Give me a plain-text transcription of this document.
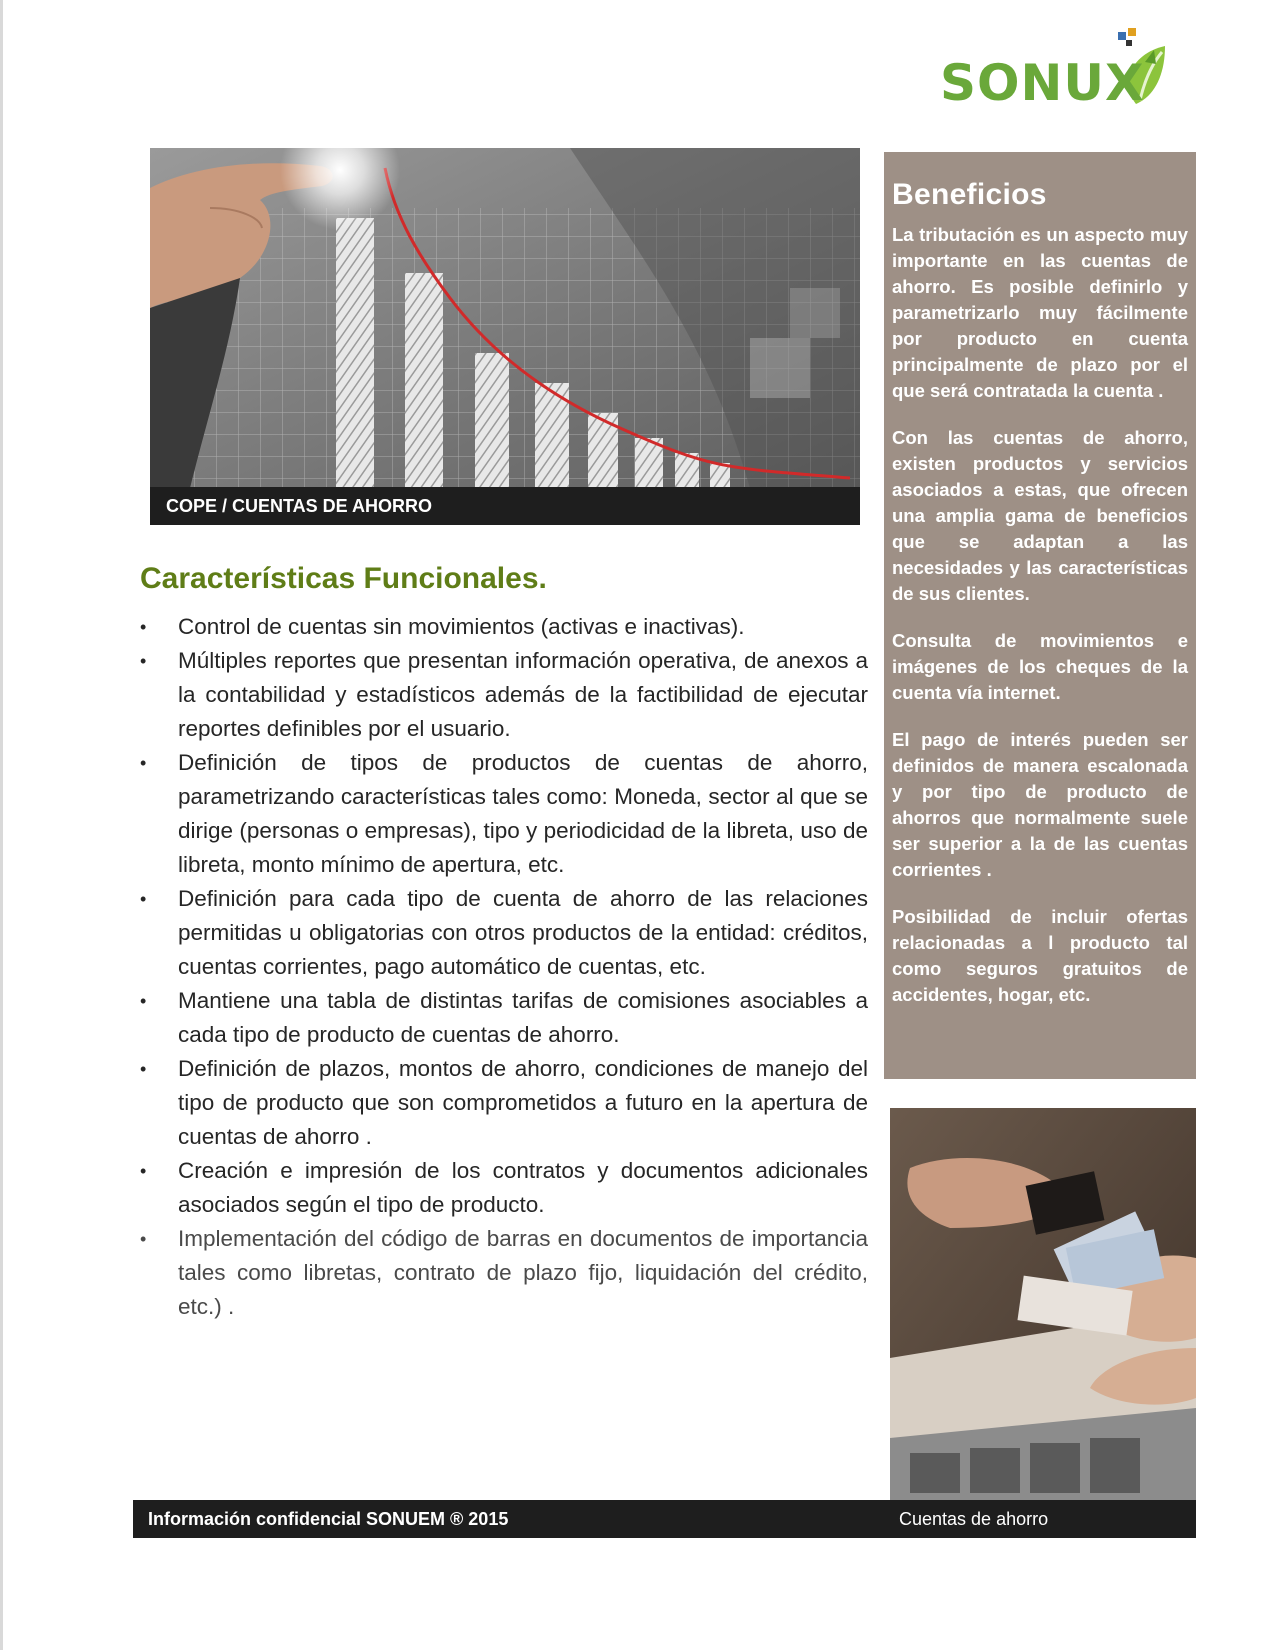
SONUX
COPE / CUENTAS DE AHORRO
Beneficios

La tributación es un aspecto muy importante en las cuentas de ahorro. Es posible definirlo y parametrizarlo muy fácilmente por producto en cuenta principalmente de plazo por el que será contratada la cuenta .

Con las cuentas de ahorro, existen productos y servicios asociados a estas, que ofrecen una amplia gama de beneficios que se adaptan a las necesidades y las características de sus clientes.

Consulta de movimientos e imágenes de los cheques de la cuenta vía internet.

El pago de interés pueden ser definidos de manera escalonada y por tipo de producto de ahorros que normalmente suele ser superior a la de las cuentas corrientes .

Posibilidad de incluir ofertas relacionadas a l producto tal como seguros gratuitos de accidentes, hogar, etc.

Características Funcionales.
• Control de cuentas sin movimientos (activas e inactivas).
• Múltiples reportes que presentan información operativa, de anexos a la contabilidad y estadísticos además de la factibilidad de ejecutar reportes definibles por el usuario.
• Definición de tipos de productos de cuentas de ahorro, parametrizando características tales como: Moneda, sector al que se dirige (personas o empresas), tipo y periodicidad de la libreta, uso de libreta, monto mínimo de apertura, etc.
• Definición para cada tipo de cuenta de ahorro de las relaciones permitidas u obligatorias con otros productos de la entidad: créditos, cuentas corrientes, pago automático de cuentas, etc.
• Mantiene una tabla de distintas tarifas de comisiones asociables a cada tipo de producto de cuentas de ahorro.
• Definición de plazos, montos de ahorro, condiciones de manejo del tipo de producto que son comprometidos a futuro en la apertura de cuentas de ahorro .
• Creación e impresión de los contratos y documentos adicionales asociados según el tipo de producto.
• Implementación del código de barras en documentos de importancia tales como libretas, contrato de plazo fijo, liquidación del crédito, etc.) .
Información confidencial SONUEM ® 2015	Cuentas de ahorro
